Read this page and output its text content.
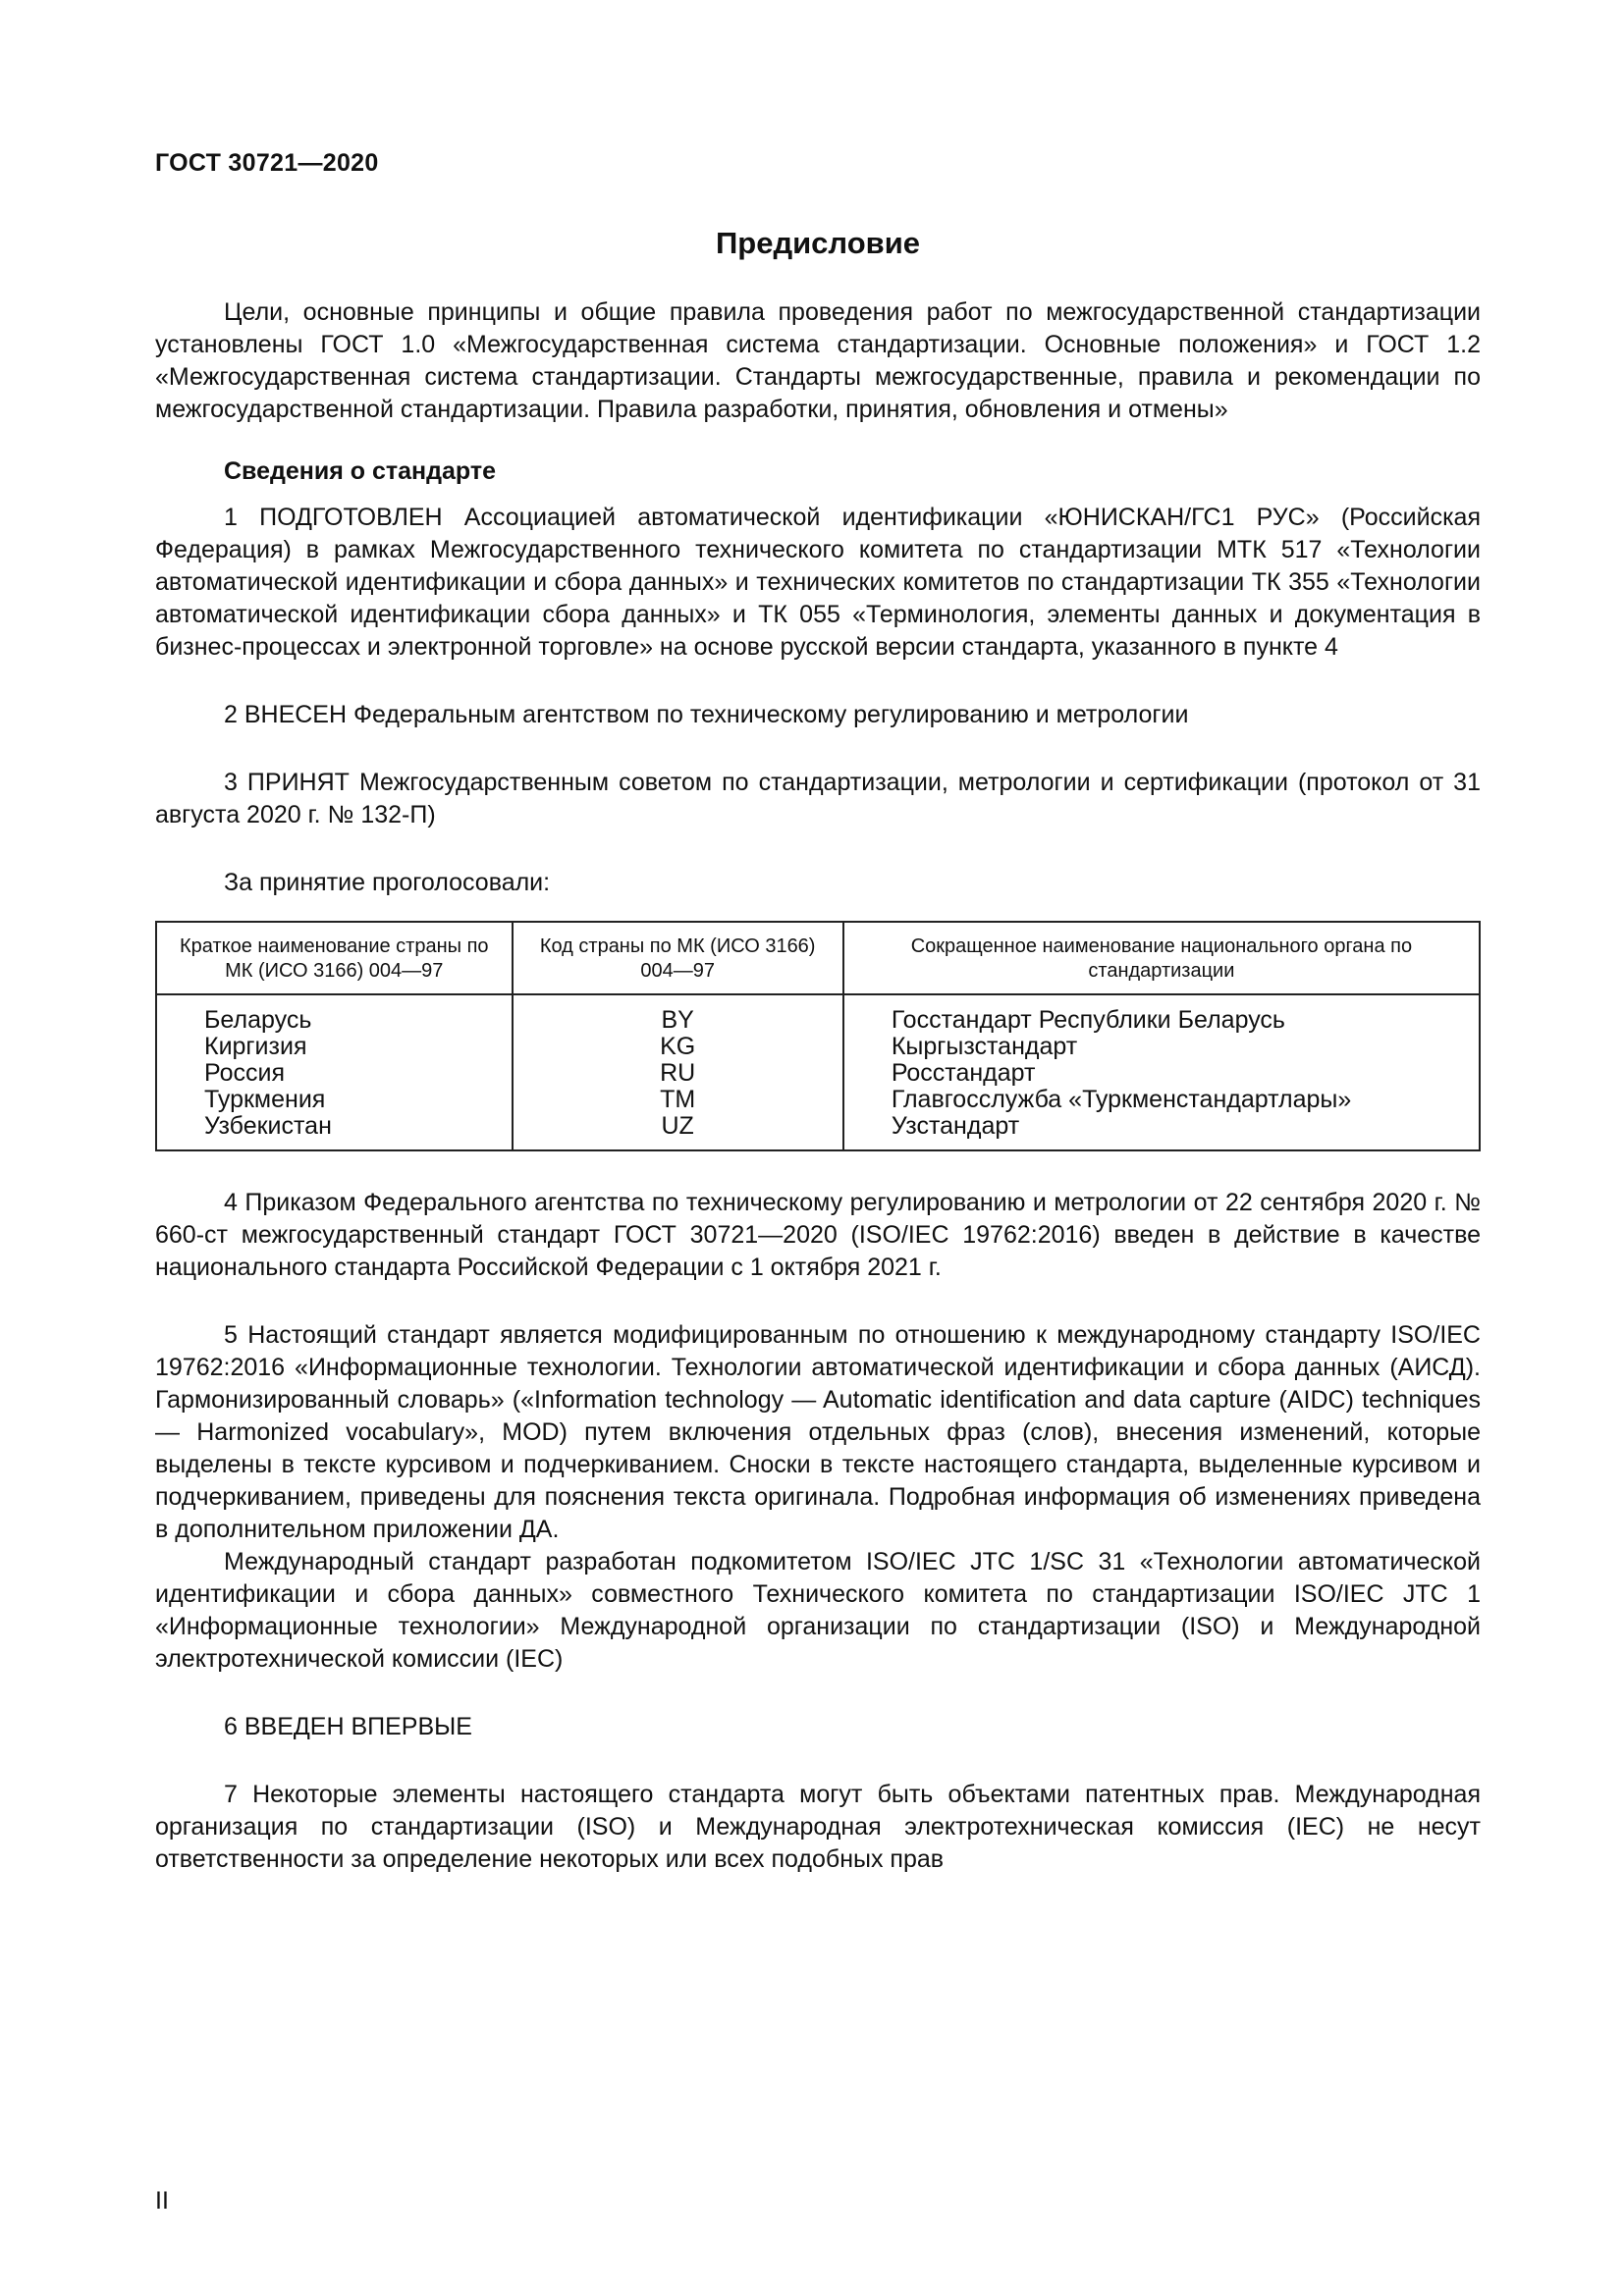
ГОСТ 30721—2020
Предисловие

Цели, основные принципы и общие правила проведения работ по межгосударственной стандартизации установлены ГОСТ 1.0 «Межгосударственная система стандартизации. Основные положения» и ГОСТ 1.2 «Межгосударственная система стандартизации. Стандарты межгосударственные, правила и рекомендации по межгосударственной стандартизации. Правила разработки, принятия, обновления и отмены»

Сведения о стандарте

1 ПОДГОТОВЛЕН Ассоциацией автоматической идентификации «ЮНИСКАН/ГС1 РУС» (Российская Федерация) в рамках Межгосударственного технического комитета по стандартизации МТК 517 «Технологии автоматической идентификации и сбора данных» и технических комитетов по стандартизации ТК 355 «Технологии автоматической идентификации сбора данных» и ТК 055 «Терминология, элементы данных и документация в бизнес-процессах и электронной торговле» на основе русской версии стандарта, указанного в пункте 4

2 ВНЕСЕН Федеральным агентством по техническому регулированию и метрологии

3 ПРИНЯТ Межгосударственным советом по стандартизации, метрологии и сертификации (протокол от 31 августа 2020 г. № 132-П)

За принятие проголосовали:

Краткое наименование страны по МК (ИСО 3166) 004—97	Код страны по МК (ИСО 3166) 004—97	Сокращенное наименование национального органа по стандартизации
Беларусь	BY	Госстандарт Республики Беларусь
Киргизия	KG	Кыргызстандарт
Россия	RU	Росстандарт
Туркмения	TM	Главгосслужба «Туркменстандартлары»
Узбекистан	UZ	Узстандарт

4 Приказом Федерального агентства по техническому регулированию и метрологии от 22 сентября 2020 г. № 660-ст межгосударственный стандарт ГОСТ 30721—2020 (ISO/IEC 19762:2016) введен в действие в качестве национального стандарта Российской Федерации с 1 октября 2021 г.

5 Настоящий стандарт является модифицированным по отношению к международному стандарту ISO/IEC 19762:2016 «Информационные технологии. Технологии автоматической идентификации и сбора данных (АИСД). Гармонизированный словарь» («Information technology — Automatic identification and data capture (AIDC) techniques — Harmonized vocabulary», MOD) путем включения отдельных фраз (слов), внесения изменений, которые выделены в тексте курсивом и подчеркиванием. Сноски в тексте настоящего стандарта, выделенные курсивом и подчеркиванием, приведены для пояснения текста оригинала. Подробная информация об изменениях приведена в дополнительном приложении ДА.

Международный стандарт разработан подкомитетом ISO/IEC JTC 1/SC 31 «Технологии автоматической идентификации и сбора данных» совместного Технического комитета по стандартизации ISO/IEC JTC 1 «Информационные технологии» Международной организации по стандартизации (ISO) и Международной электротехнической комиссии (IEC)

6 ВВЕДЕН ВПЕРВЫЕ

7 Некоторые элементы настоящего стандарта могут быть объектами патентных прав. Международная организация по стандартизации (ISO) и Международная электротехническая комиссия (IEC) не несут ответственности за определение некоторых или всех подобных прав

II
